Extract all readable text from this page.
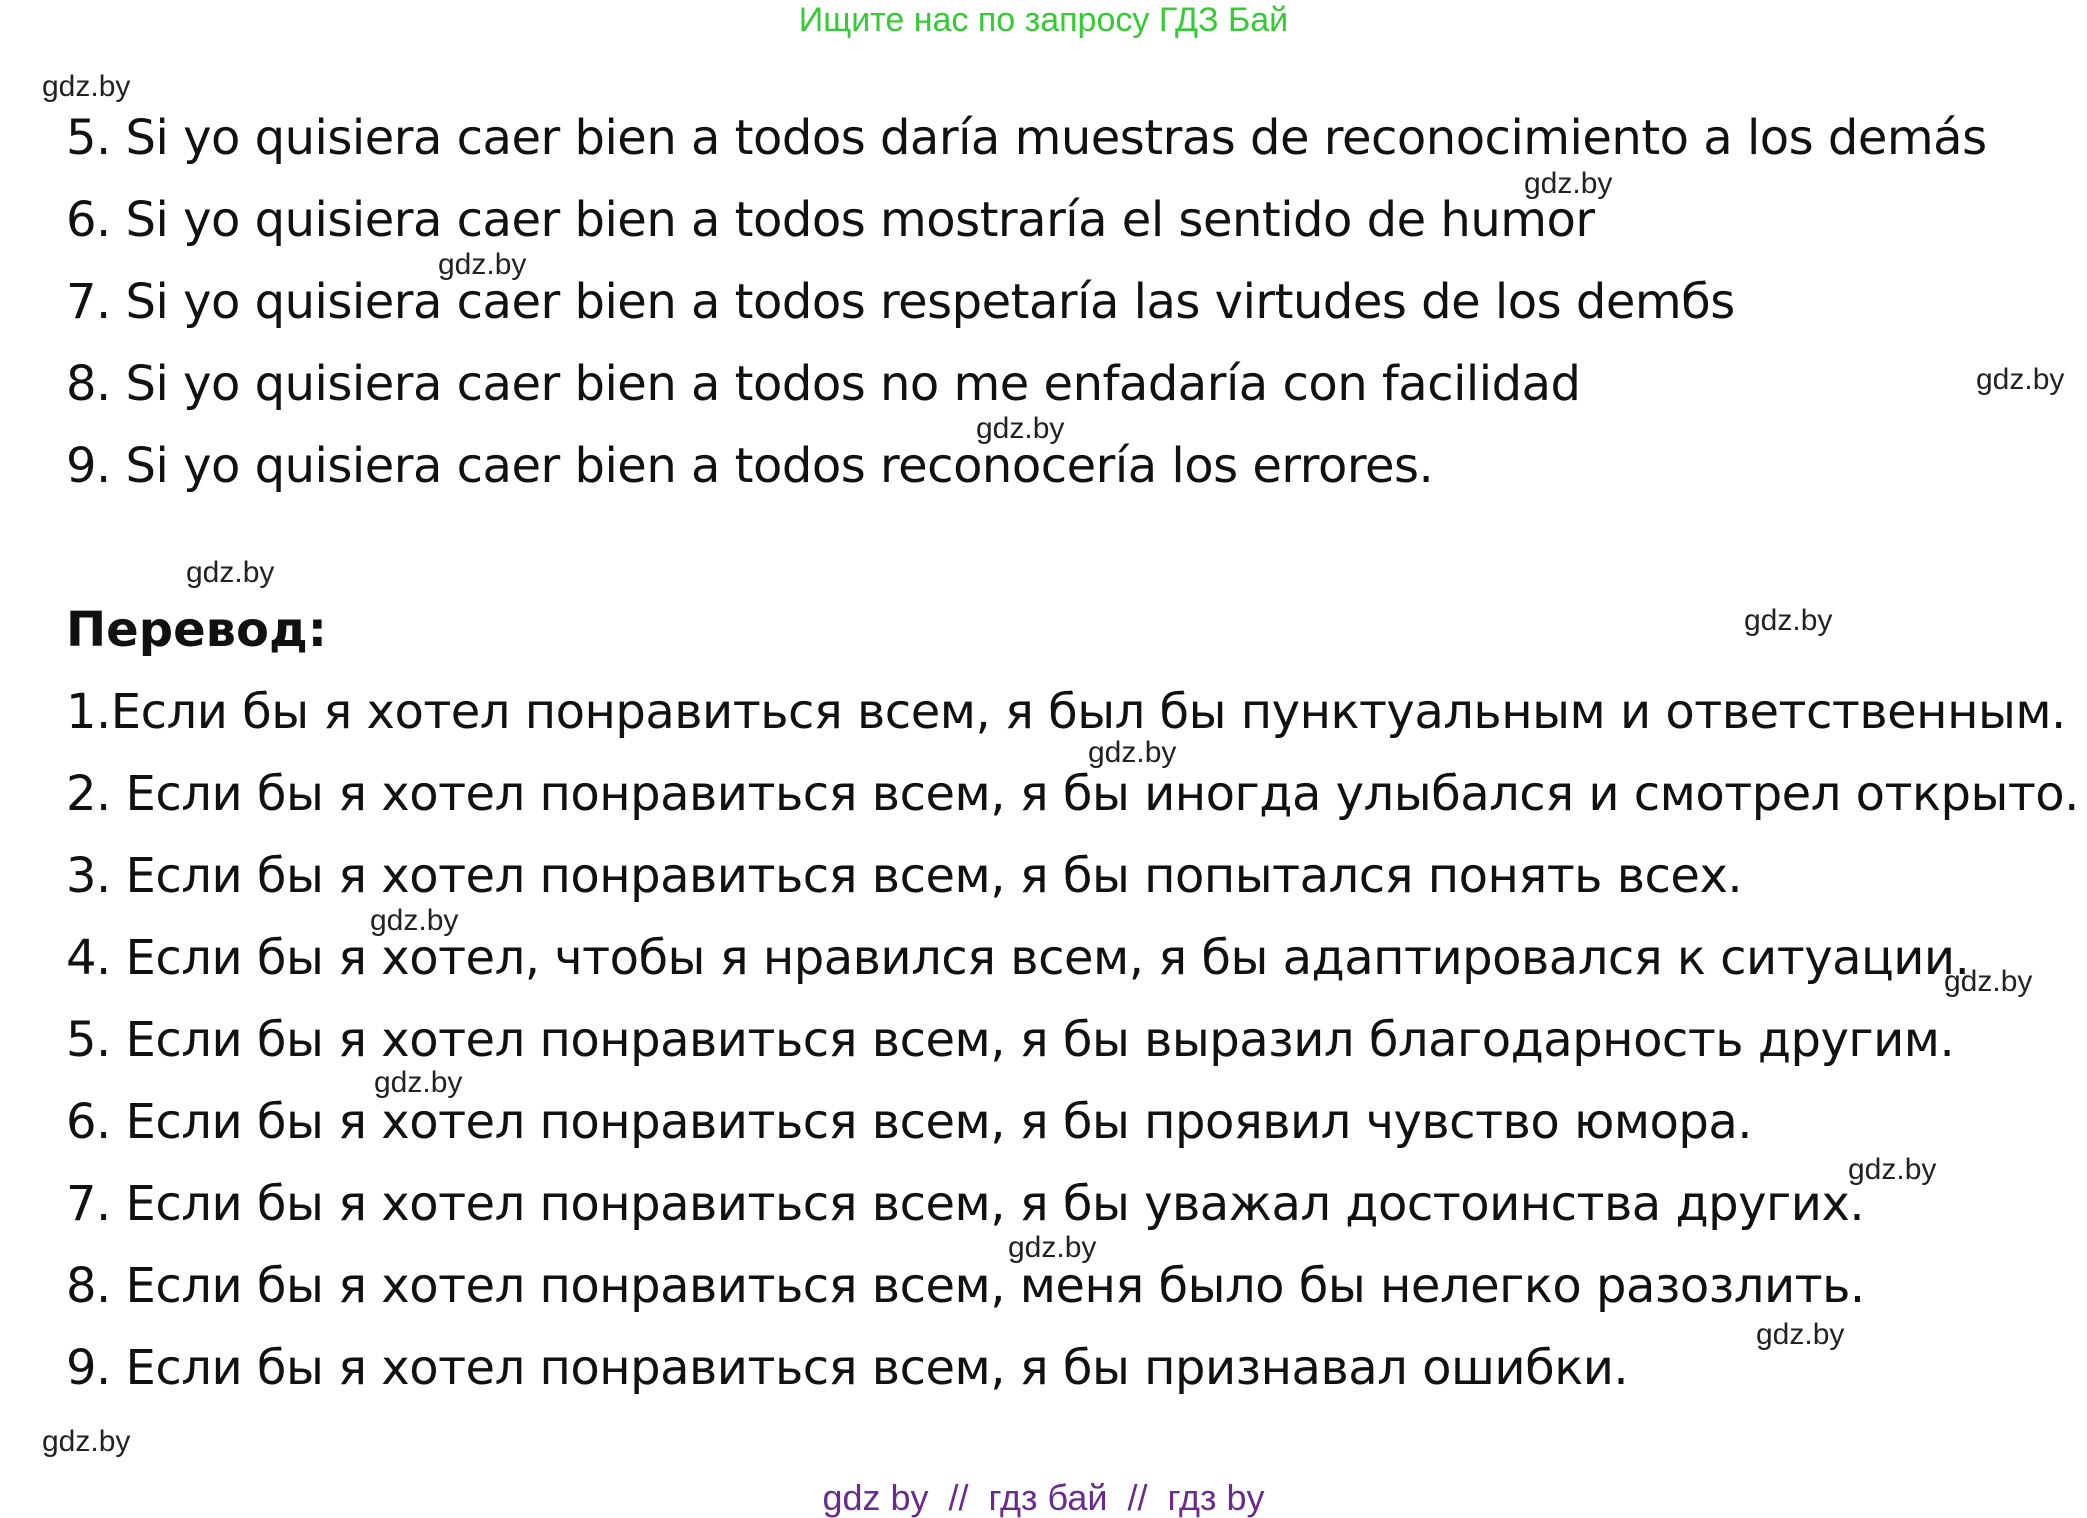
Ищите нас по запросу ГДЗ Бай
5. Si yo quisiera caer bien a todos daría muestras de reconocimiento a los demás
6. Si yo quisiera caer bien a todos mostraría el sentido de humor
7. Si yo quisiera caer bien a todos respetaría las virtudes de los demбs
8. Si yo quisiera caer bien a todos no me enfadaría con facilidad
9. Si yo quisiera caer bien a todos reconocería los errores.
Перевод:
1.Если бы я хотел понравиться всем, я был бы пунктуальным и ответственным.
2. Если бы я хотел понравиться всем, я бы иногда улыбался и смотрел открыто.
3. Если бы я хотел понравиться всем, я бы попытался понять всех.
4. Если бы я хотел, чтобы я нравился всем, я бы адаптировался к ситуации.
5. Если бы я хотел понравиться всем, я бы выразил благодарность другим.
6. Если бы я хотел понравиться всем, я бы проявил чувство юмора.
7. Если бы я хотел понравиться всем, я бы уважал достоинства других.
8. Если бы я хотел понравиться всем, меня было бы нелегко разозлить.
9. Если бы я хотел понравиться всем, я бы признавал ошибки.
gdz.by
gdz.by
gdz.by
gdz.by
gdz.by
gdz.by
gdz.by
gdz.by
gdz.by
gdz.by
gdz.by
gdz.by
gdz.by
gdz.by
gdz.by
gdz by  //  гдз бай  //  гдз by
